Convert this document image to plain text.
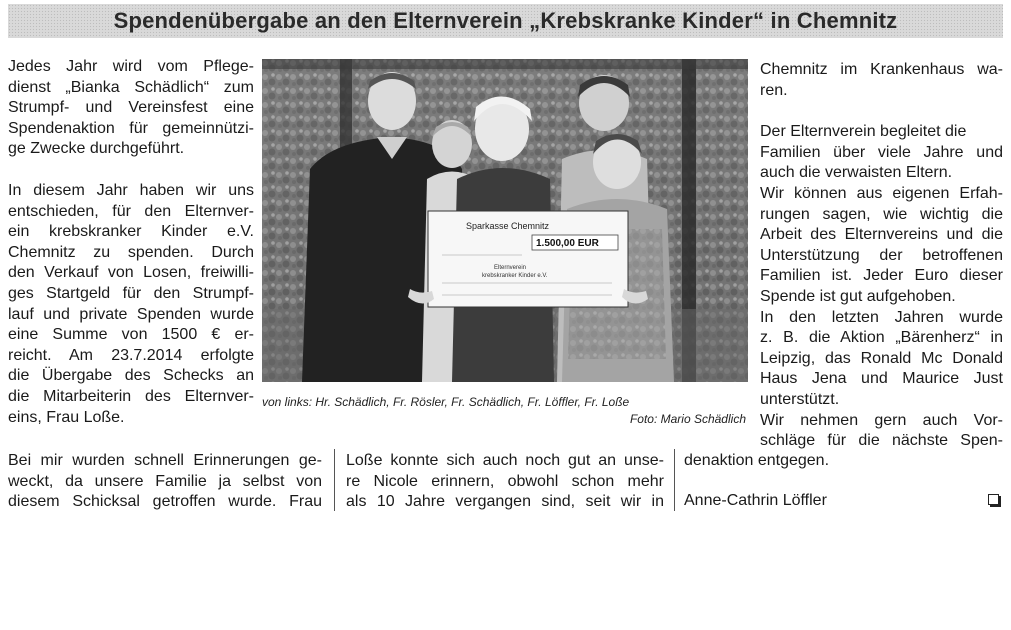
Spendenübergabe an den Elternverein „Krebskranke Kinder“ in Chemnitz

Jedes Jahr wird vom Pflege-

dienst „Bianka Schädlich“ zum

Strumpf- und Vereinsfest eine

Spendenaktion für gemeinnützi-

ge Zwecke durchgeführt.

In diesem Jahr haben wir uns

entschieden, für den Elternver-

ein krebskranker Kinder e.V.

Chemnitz zu spenden. Durch

den Verkauf von Losen, freiwilli-

ges Startgeld für den Strumpf-

lauf und private Spenden wurde

eine Summe von 1500 € er-

reicht. Am 23.7.2014 erfolgte

die Übergabe des Schecks an

die Mitarbeiterin des Elternver-

eins, Frau Loße.

Sparkasse Chemnitz
1.500,00 EUR
Elternverein
krebskranker Kinder e.V.
von links: Hr. Schädlich, Fr. Rösler, Fr. Schädlich, Fr. Löffler, Fr. Loße
Foto: Mario Schädlich

Chemnitz im Krankenhaus wa-

ren.

Der Elternverein begleitet die

Familien über viele Jahre und

auch die verwaisten Eltern.

Wir können aus eigenen Erfah-

rungen sagen, wie wichtig die

Arbeit des Elternvereins und die

Unterstützung der betroffenen

Familien ist. Jeder Euro dieser

Spende ist gut aufgehoben.

In den letzten Jahren wurde

z. B. die Aktion „Bärenherz“ in

Leipzig, das Ronald Mc Donald

Haus Jena und Maurice Just

unterstützt.

Wir nehmen gern auch Vor-

schläge für die nächste Spen-

Bei mir wurden schnell Erinnerungen ge-

weckt, da unsere Familie ja selbst von

diesem Schicksal getroffen wurde. Frau

Loße konnte sich auch noch gut an unse-

re Nicole erinnern, obwohl schon mehr

als 10 Jahre vergangen sind, seit wir in

denaktion entgegen.

Anne-Cathrin Löffler
